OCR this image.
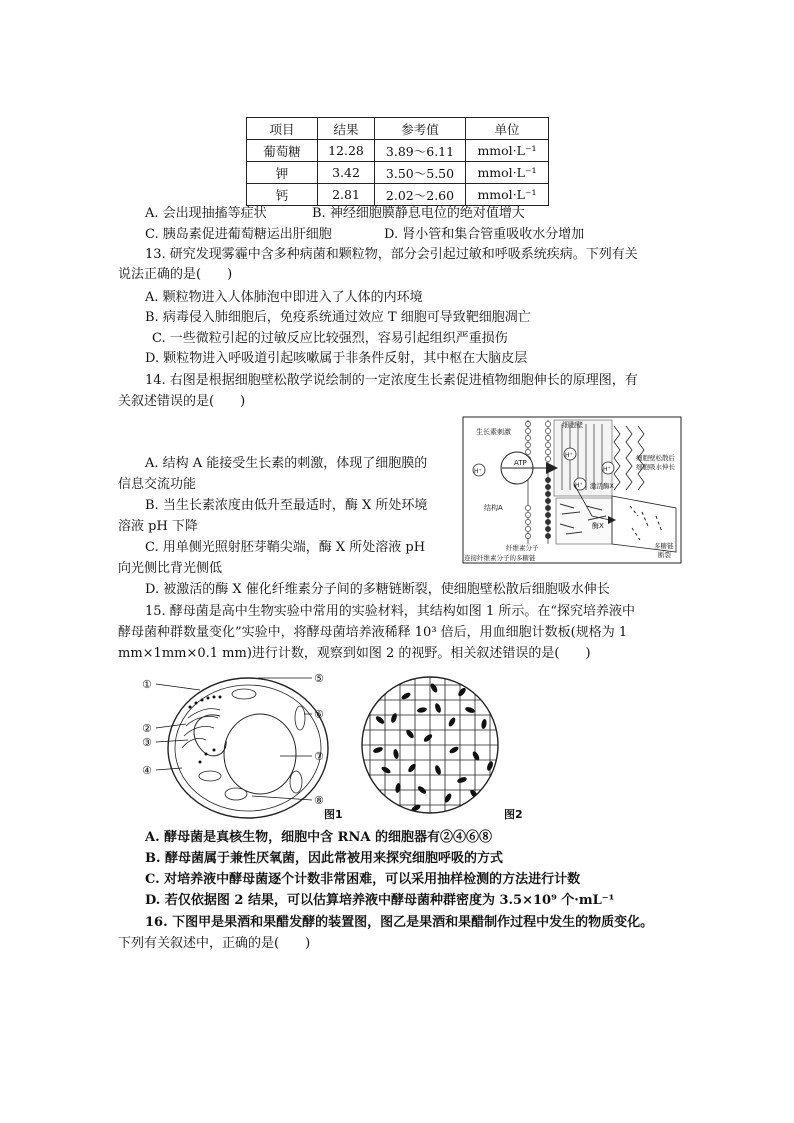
项目	结果	参考值	单位
葡萄糖	12.28	3.89～6.11	mmol·L⁻¹
钾	3.42	3.50～5.50	mmol·L⁻¹
钙	2.81	2.02～2.60	mmol·L⁻¹
A. 会出现抽搐等症状	B. 神经细胞膜静息电位的绝对值增大
C. 胰岛素促进葡萄糖运出肝细胞	D. 肾小管和集合管重吸收水分增加
13. 研究发现雾霾中含多种病菌和颗粒物，部分会引起过敏和呼吸系统疾病。下列有关
说法正确的是(　　)
A. 颗粒物进入人体肺泡中即进入了人体的内环境
B. 病毒侵入肺细胞后，免疫系统通过效应 T 细胞可导致靶细胞凋亡
C. 一些微粒引起的过敏反应比较强烈，容易引起组织严重损伤
D. 颗粒物进入呼吸道引起咳嗽属于非条件反射，其中枢在大脑皮层
14. 右图是根据细胞壁松散学说绘制的一定浓度生长素促进植物细胞伸长的原理图，有
关叙述错误的是(　　)
A. 结构 A 能接受生长素的刺激，体现了细胞膜的
信息交流功能
B. 当生长素浓度由低升至最适时，酶 X 所处环境
溶液 pH 下降
C. 用单侧光照射胚芽鞘尖端，酶 X 所处溶液 pH
向光侧比背光侧低
D. 被激活的酶 X 催化纤维素分子间的多糖链断裂，使细胞壁松散后细胞吸水伸长
生长素刺激
细胞壁
细胞壁松散后
细胞吸水伸长
激活酶X
ATP
H⁺
H⁺
H⁺
H⁺
结构A
酶X
纤维素分子
连接纤维素分子的多糖链
多糖链
断裂
15. 酵母菌是高中生物实验中常用的实验材料，其结构如图 1 所示。在“探究培养液中
酵母菌种群数量变化”实验中，将酵母菌培养液稀释 10³ 倍后，用血细胞计数板(规格为 1
mm×1mm×0.1 mm)进行计数，观察到如图 2 的视野。相关叙述错误的是(　　)
①
②
③
④
⑤
⑥
⑦
⑧
图1	图2
A. 酵母菌是真核生物，细胞中含 RNA 的细胞器有②④⑥⑧
B. 酵母菌属于兼性厌氧菌，因此常被用来探究细胞呼吸的方式
C. 对培养液中酵母菌逐个计数非常困难，可以采用抽样检测的方法进行计数
D. 若仅依据图 2 结果，可以估算培养液中酵母菌种群密度为 3.5×10⁹ 个·mL⁻¹
16. 下图甲是果酒和果醋发酵的装置图，图乙是果酒和果醋制作过程中发生的物质变化。
下列有关叙述中，正确的是(　　)
